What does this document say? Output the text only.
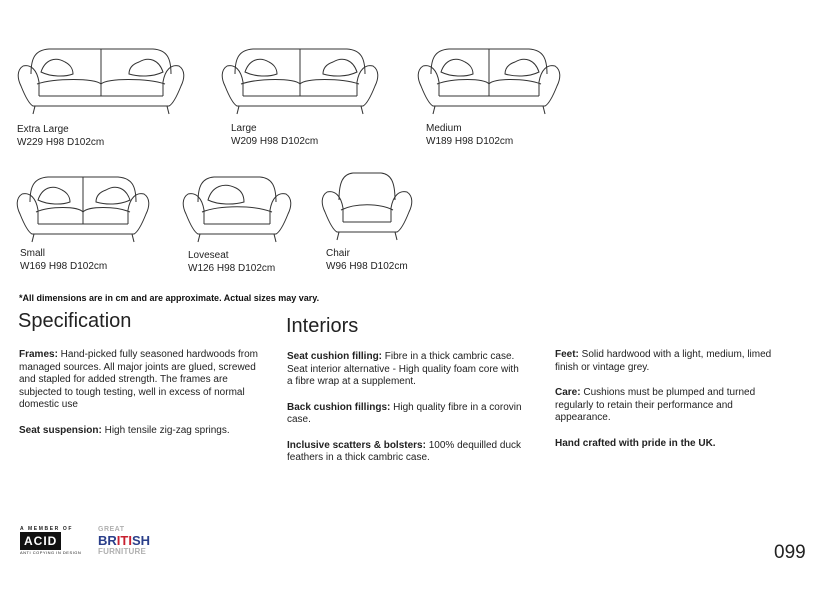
Extra Large
W229 H98 D102cm
Large
W209 H98 D102cm
Medium
W189 H98 D102cm
Small
W169 H98 D102cm
Loveseat
W126 H98 D102cm
Chair
W96 H98 D102cm
*All dimensions are in cm and are approximate. Actual sizes may vary.
Specification

Frames: Hand-picked fully seasoned hardwoods from managed sources. All major joints are glued, screwed and stapled for added strength. The frames are subjected to tough testing, well in excess of normal domestic use

Seat suspension: High tensile zig-zag springs.

Interiors

Seat cushion filling: Fibre in a thick cambric case. Seat interior alternative - High quality foam core with a fibre wrap at a supplement.

Back cushion fillings: High quality fibre in a corovin case.

Inclusive scatters & bolsters: 100% dequilled duck feathers in a thick cambric case.

Feet: Solid hardwood with a light, medium, limed finish or vintage grey.

Care: Cushions must be plumped and turned regularly to retain their performance and appearance.

Hand crafted with pride in the UK.

A MEMBER OF
ACID
ANTI COPYING IN DESIGN
GREAT
BRITISH
FURNITURE	099
